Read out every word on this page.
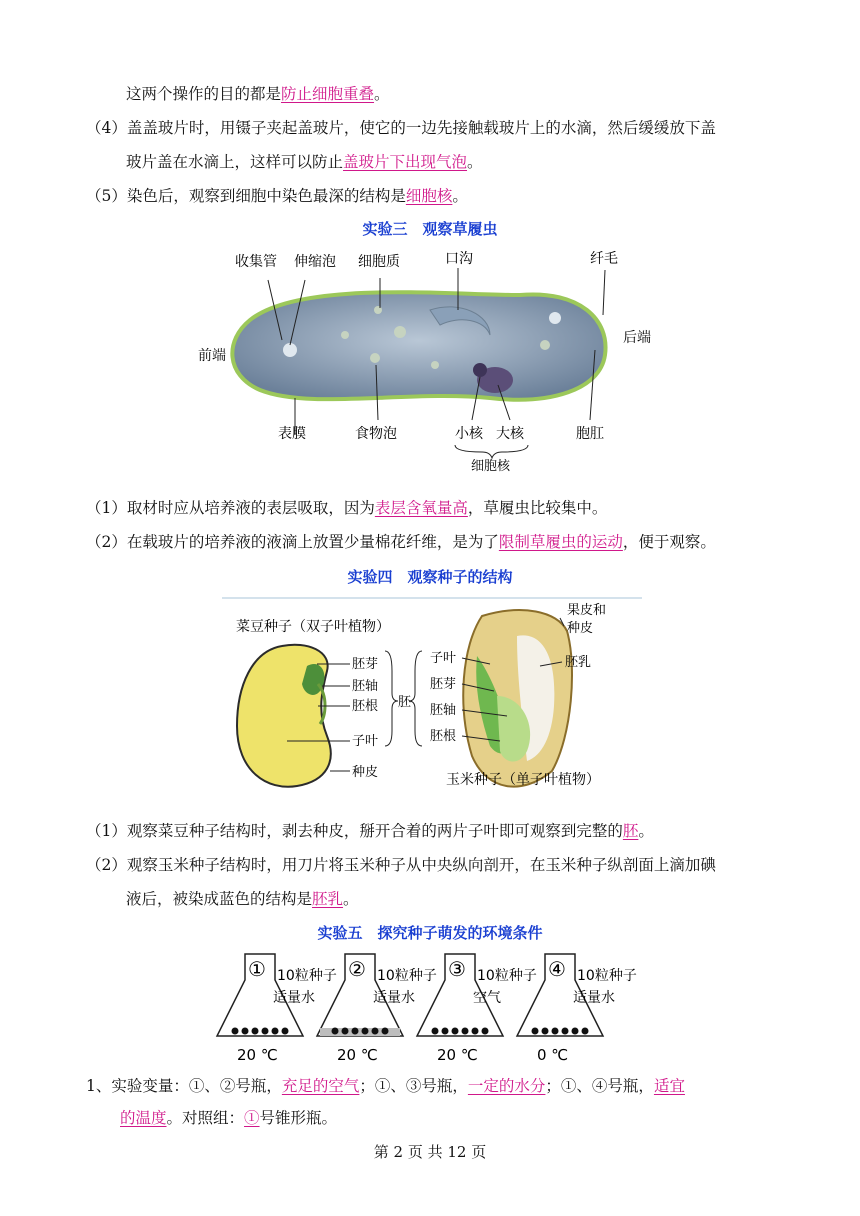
这两个操作的目的都是防止细胞重叠。
（4）盖盖玻片时，用镊子夹起盖玻片，使它的一边先接触载玻片上的水滴，然后缓缓放下盖
玻片盖在水滴上，这样可以防止盖玻片下出现气泡。
（5）染色后，观察到细胞中染色最深的结构是细胞核。
实验三　观察草履虫
收集管 伸缩泡 细胞质	口沟	纤毛
前端
后端
表膜	食物泡	小核 大核	胞肛
细胞核
（1）取材时应从培养液的表层吸取，因为表层含氧量高，草履虫比较集中。
（2）在载玻片的培养液的液滴上放置少量棉花纤维，是为了限制草履虫的运动，便于观察。
实验四　观察种子的结构
菜豆种子（双子叶植物）
胚芽
胚轴
胚根 胚
子叶
种皮
子叶
胚芽
胚轴
胚根
果皮和
种皮
胚乳
玉米种子（单子叶植物）
（1）观察菜豆种子结构时，剥去种皮，掰开合着的两片子叶即可观察到完整的胚。
（2）观察玉米种子结构时，用刀片将玉米种子从中央纵向剖开，在玉米种子纵剖面上滴加碘
液后，被染成蓝色的结构是胚乳。
实验五　探究种子萌发的环境条件
① 10粒种子
适量水
20 ℃
② 10粒种子
适量水
20 ℃
③ 10粒种子
空气
20 ℃
④ 10粒种子
适量水
0 ℃
1、实验变量：①、②号瓶，充足的空气；①、③号瓶，一定的水分；①、④号瓶，适宜
的温度。对照组：①号锥形瓶。
第 2 页 共 12 页
